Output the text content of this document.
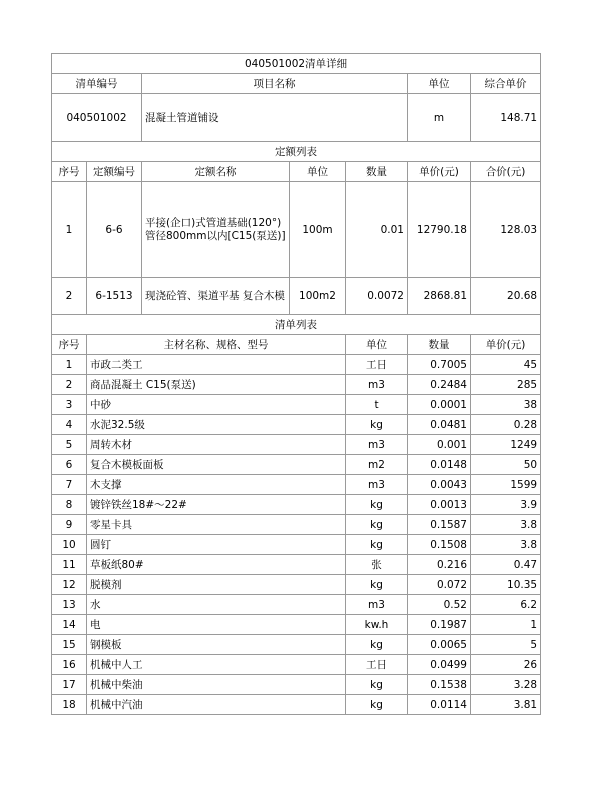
040501002清单详细							
清单编号		项目名称			单位	综合单价	
040501002		混凝土管道铺设			m	148.71	
定额列表							
序号	定额编号	定额名称	单位	数量	单价(元)	合价(元)	
1	6-6	平接(企口)式管道基础(120°)管径800mm以内[C15(泵送)]	100m	0.01	12790.18	128.03	
2	6-1513	现浇砼管、渠道平基 复合木模	100m2	0.0072	2868.81	20.68	
清单列表							
序号	主材名称、规格、型号			单位	数量	单价(元)	
1	市政二类工			工日	0.7005	45	
2	商品混凝土 C15(泵送)			m3	0.2484	285	
3	中砂			t	0.0001	38	
4	水泥32.5级			kg	0.0481	0.28	
5	周转木材			m3	0.001	1249	
6	复合木模板面板			m2	0.0148	50	
7	木支撑			m3	0.0043	1599	
8	镀锌铁丝18#～22#			kg	0.0013	3.9	
9	零星卡具			kg	0.1587	3.8	
10	圆钉			kg	0.1508	3.8	
11	草板纸80#			张	0.216	0.47	
12	脱模剂			kg	0.072	10.35	
13	水			m3	0.52	6.2	
14	电			kw.h	0.1987	1	
15	钢模板			kg	0.0065	5	
16	机械中人工			工日	0.0499	26	
17	机械中柴油			kg	0.1538	3.28	
18	机械中汽油			kg	0.0114	3.81	
